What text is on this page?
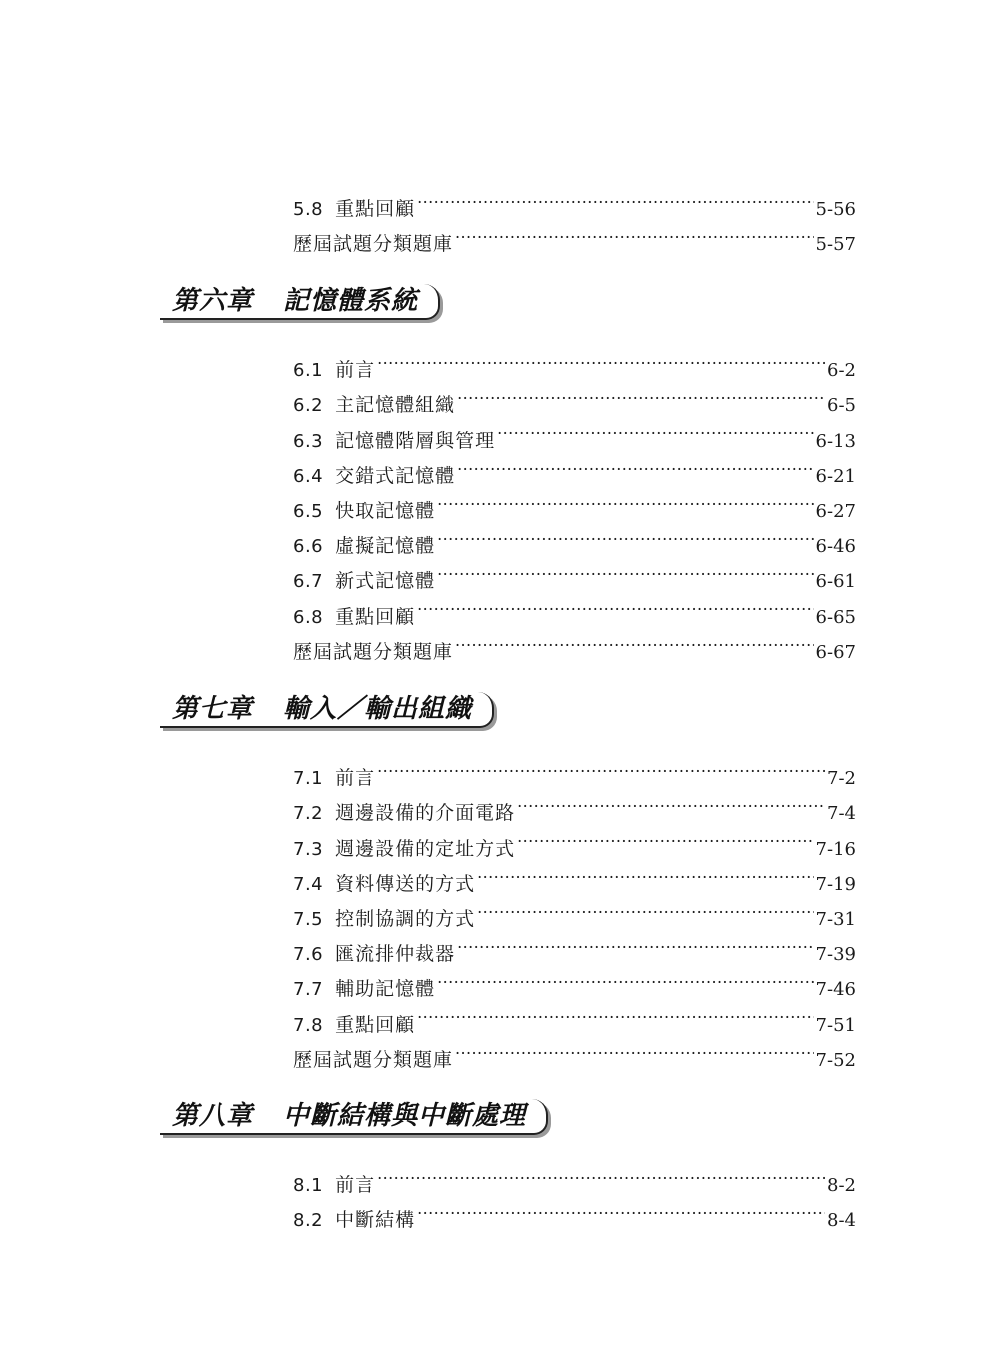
5.8 重點回顧 .....	5-56
歷屆試題分類題庫 .....	5-57
第六章 記憶體系統
6.1 前言 .....	6-2
6.2 主記憶體組織 .....	6-5
6.3 記憶體階層與管理 .....	6-13
6.4 交錯式記憶體 .....	6-21
6.5 快取記憶體 .....	6-27
6.6 虛擬記憶體 .....	6-46
6.7 新式記憶體 .....	6-61
6.8 重點回顧 .....	6-65
歷屆試題分類題庫 .....	6-67
第七章 輸入／輸出組織
7.1 前言 .....	7-2
7.2 週邊設備的介面電路 .....	7-4
7.3 週邊設備的定址方式 .....	7-16
7.4 資料傳送的方式 .....	7-19
7.5 控制協調的方式 .....	7-31
7.6 匯流排仲裁器 .....	7-39
7.7 輔助記憶體 .....	7-46
7.8 重點回顧 .....	7-51
歷屆試題分類題庫 .....	7-52
第八章 中斷結構與中斷處理
8.1 前言 .....	8-2
8.2 中斷結構 .....	8-4
